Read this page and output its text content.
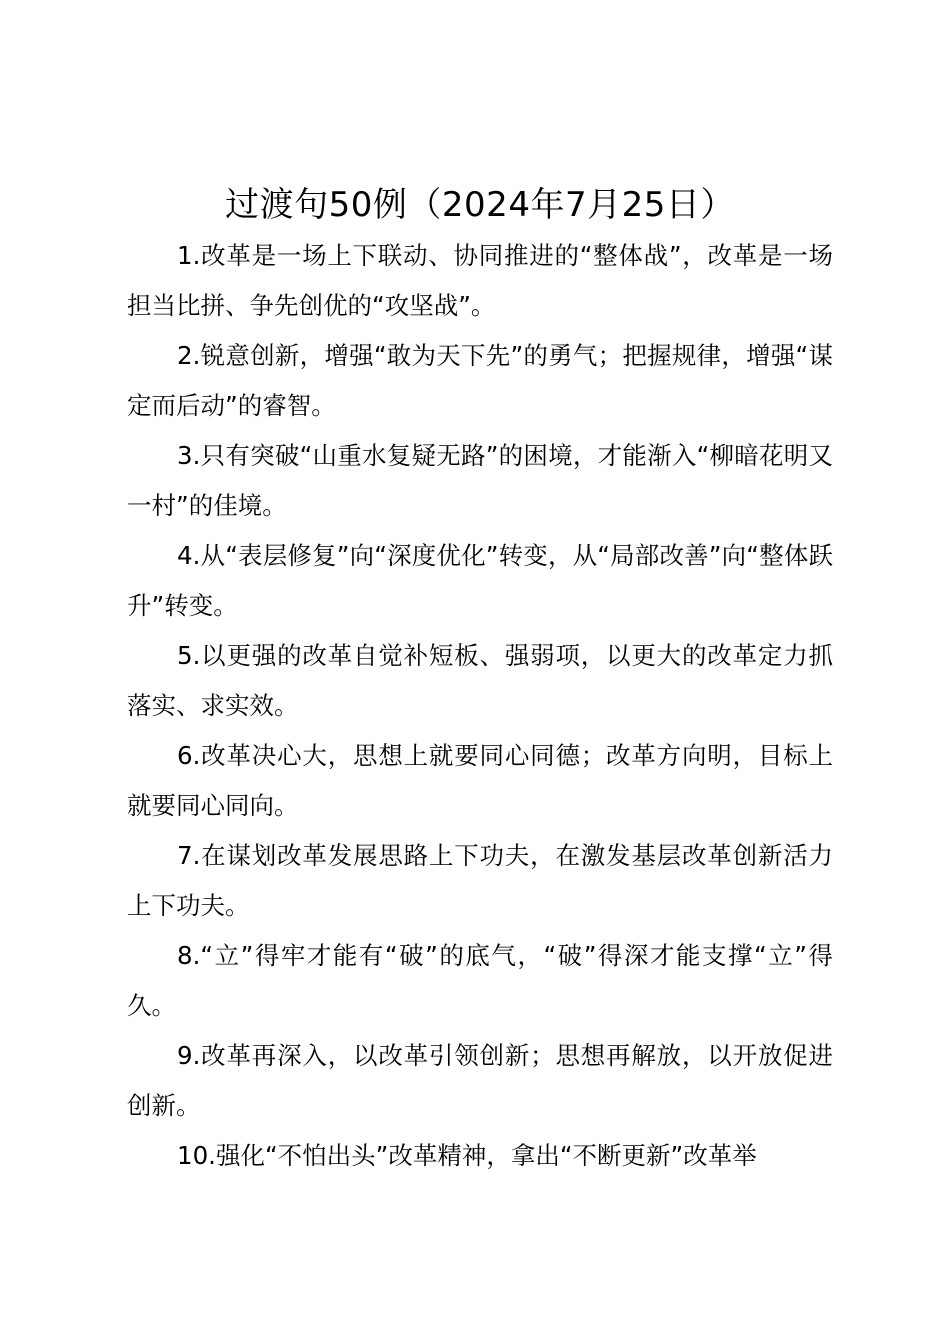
过渡句50例（2024年7月25日）

1.改革是一场上下联动、协同推进的“整体战”，改革是一场担当比拼、争先创优的“攻坚战”。

2.锐意创新，增强“敢为天下先”的勇气；把握规律，增强“谋定而后动”的睿智。

3.只有突破“山重水复疑无路”的困境，才能渐入“柳暗花明又一村”的佳境。

4.从“表层修复”向“深度优化”转变，从“局部改善”向“整体跃升”转变。

5.以更强的改革自觉补短板、强弱项，以更大的改革定力抓落实、求实效。

6.改革决心大，思想上就要同心同德；改革方向明，目标上就要同心同向。

7.在谋划改革发展思路上下功夫，在激发基层改革创新活力上下功夫。

8.“立”得牢才能有“破”的底气，“破”得深才能支撑“立”得久。

9.改革再深入，以改革引领创新；思想再解放，以开放促进创新。

10.强化“不怕出头”改革精神，拿出“不断更新”改革举
